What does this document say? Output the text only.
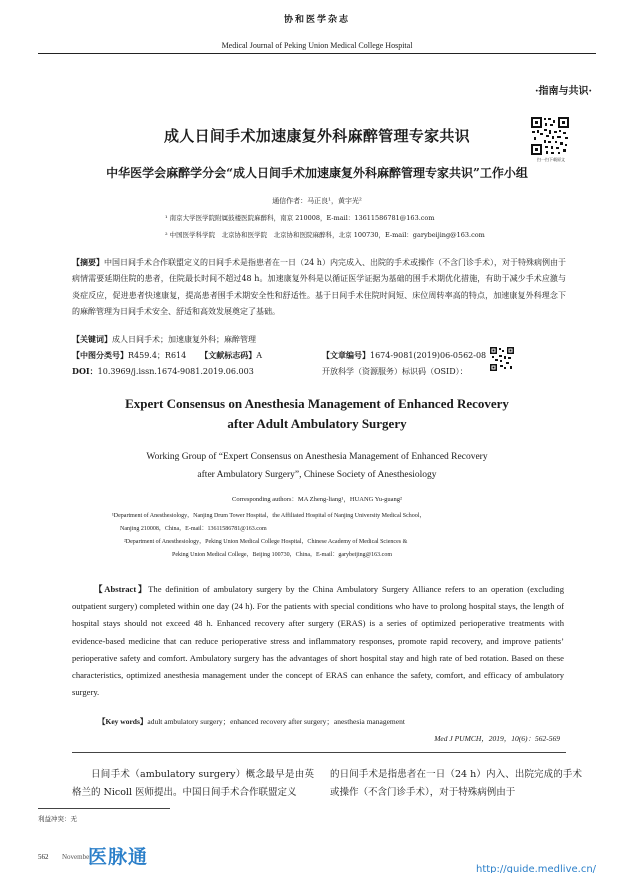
协和医学杂志
Medical Journal of Peking Union Medical College Hospital
·指南与共识·
扫一扫下载原文
成人日间手术加速康复外科麻醉管理专家共识
中华医学会麻醉学分会“成人日间手术加速康复外科麻醉管理专家共识”工作小组
通信作者：马正良¹，黄宇光²
¹ 南京大学医学院附属鼓楼医院麻醉科，南京 210008，E-mail：13611586781@163.com
² 中国医学科学院　北京协和医学院　北京协和医院麻醉科，北京 100730，E-mail：garybeijing@163.com
【摘要】中国日间手术合作联盟定义的日间手术是指患者在一日（24 h）内完成入、出院的手术或操作（不含门诊手术），对于特殊病例由于病情需要延期住院的患者，住院最长时间不超过48 h。加速康复外科是以循证医学证据为基础的围手术期优化措施，有助于减少手术应激与炎症反应，促进患者快速康复，提高患者围手术期安全性和舒适性。基于日间手术住院时间短、床位周转率高的特点，加速康复外科理念下的麻醉管理为日间手术安全、舒适和高效发展奠定了基础。
【关键词】成人日间手术；加速康复外科；麻醉管理
【中图分类号】R459.4；R614 【文献标志码】A
DOI：10.3969/j.issn.1674-9081.2019.06.003
【文章编号】1674-9081(2019)06-0562-08
开放科学（资源服务）标识码（OSID）：
Expert Consensus on Anesthesia Management of Enhanced Recovery
after Adult Ambulatory Surgery
Working Group of “Expert Consensus on Anesthesia Management of Enhanced Recovery
after Ambulatory Surgery”, Chinese Society of Anesthesiology
Corresponding authors：MA Zheng-liang¹，HUANG Yu-guang²
¹Department of Anesthesiology，Nanjing Drum Tower Hospital，the Affiliated Hospital of Nanjing University Medical School，
Nanjing 210008，China，E-mail：13611586781@163.com
²Department of Anesthesiology，Peking Union Medical College Hospital，Chinese Academy of Medical Sciences &
Peking Union Medical College，Beijing 100730，China，E-mail：garybeijing@163.com
【Abstract】The definition of ambulatory surgery by the China Ambulatory Surgery Alliance refers to an operation (excluding outpatient surgery) completed within one day (24 h). For the patients with special conditions who have to prolong hospital stays, the length of hospital stays should not exceed 48 h. Enhanced recovery after surgery (ERAS) is a series of optimized perioperative treatments with evidence-based medicine that can reduce perioperative stress and inflammatory responses, promote rapid recovery, and improve patients’ perioperative safety and comfort. Ambulatory surgery has the advantages of short hospital stay and high rate of bed rotation. Based on these characteristics, optimized anesthesia management under the concept of ERAS can enhance the safety, comfort, and efficacy of ambulatory surgery.
【Key words】adult ambulatory surgery；enhanced recovery after surgery；anesthesia management
Med J PUMCH，2019，10(6)：562-569
日间手术（ambulatory surgery）概念最早是由英格兰的 Nicoll 医师提出。中国日间手术合作联盟定义
的日间手术是指患者在一日（24 h）内入、出院完成的手术或操作（不含门诊手术），对于特殊病例由于
利益冲突：无
562 November
医脉通
http://guide.medlive.cn/
